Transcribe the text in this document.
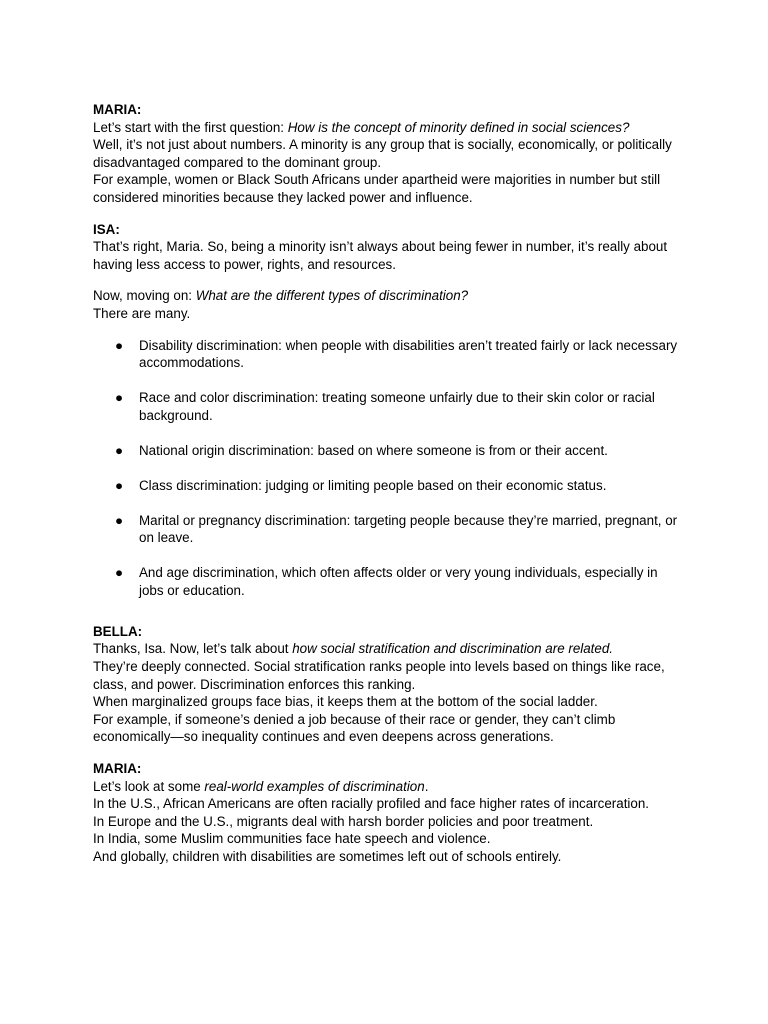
MARIA:
Let’s start with the first question: How is the concept of minority defined in social sciences?
Well, it’s not just about numbers. A minority is any group that is socially, economically, or politically disadvantaged compared to the dominant group.
For example, women or Black South Africans under apartheid were majorities in number but still considered minorities because they lacked power and influence.
ISA:
That’s right, Maria. So, being a minority isn’t always about being fewer in number, it’s really about having less access to power, rights, and resources.
Now, moving on: What are the different types of discrimination?
There are many.
● Disability discrimination: when people with disabilities aren’t treated fairly or lack necessary accommodations.
● Race and color discrimination: treating someone unfairly due to their skin color or racial background.
● National origin discrimination: based on where someone is from or their accent.
● Class discrimination: judging or limiting people based on their economic status.
● Marital or pregnancy discrimination: targeting people because they’re married, pregnant, or on leave.
● And age discrimination, which often affects older or very young individuals, especially in jobs or education.
BELLA:
Thanks, Isa. Now, let’s talk about how social stratification and discrimination are related.
They’re deeply connected. Social stratification ranks people into levels based on things like race, class, and power. Discrimination enforces this ranking.
When marginalized groups face bias, it keeps them at the bottom of the social ladder.
For example, if someone’s denied a job because of their race or gender, they can’t climb economically—so inequality continues and even deepens across generations.
MARIA:
Let’s look at some real-world examples of discrimination.
In the U.S., African Americans are often racially profiled and face higher rates of incarceration.
In Europe and the U.S., migrants deal with harsh border policies and poor treatment.
In India, some Muslim communities face hate speech and violence.
And globally, children with disabilities are sometimes left out of schools entirely.
